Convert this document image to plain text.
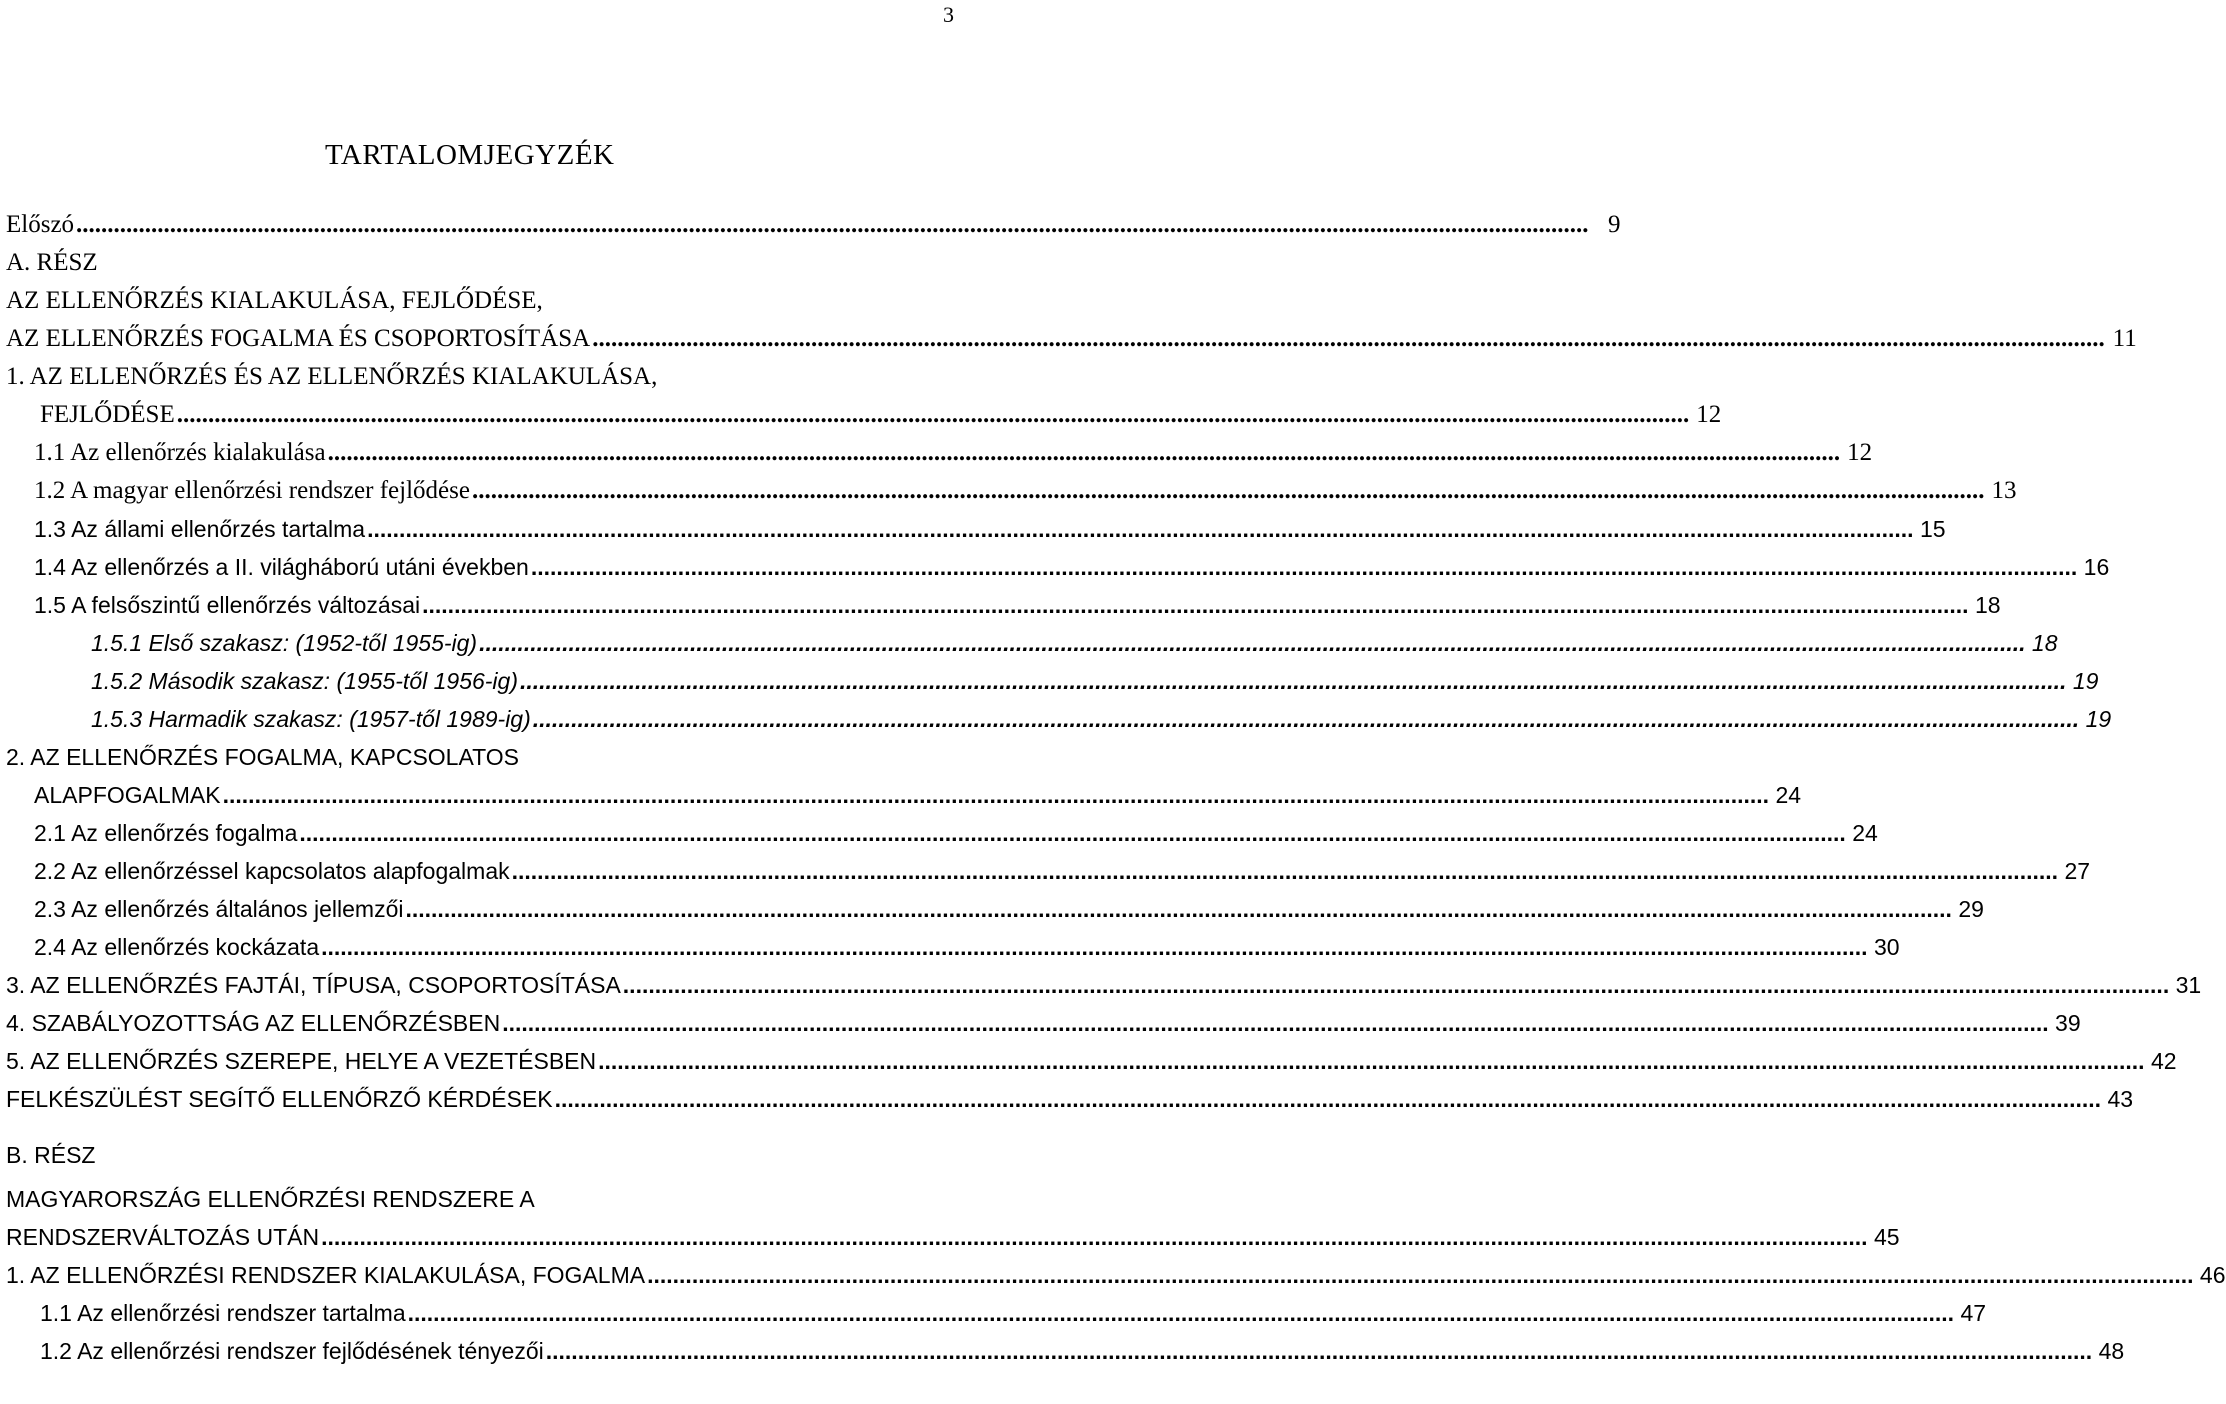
3
TARTALOMJEGYZÉK
Előszó .................................................................................................................................................................................................................................................. 9
A. RÉSZ
AZ ELLENŐRZÉS KIALAKULÁSA, FEJLŐDÉSE,
AZ ELLENŐRZÉS FOGALMA ÉS CSOPORTOSÍTÁSA .................................................................................................................................................................................................................................................. 11
1. AZ ELLENŐRZÉS ÉS AZ ELLENŐRZÉS KIALAKULÁSA,
FEJLŐDÉSE .................................................................................................................................................................................................................................................. 12
1.1 Az ellenőrzés kialakulása .................................................................................................................................................................................................................................................. 12
1.2 A magyar ellenőrzési rendszer fejlődése .................................................................................................................................................................................................................................................. 13
1.3 Az állami ellenőrzés tartalma .................................................................................................................................................................................................................................................. 15
1.4 Az ellenőrzés a II. világháború utáni években .................................................................................................................................................................................................................................................. 16
1.5 A felsőszintű ellenőrzés változásai .................................................................................................................................................................................................................................................. 18
1.5.1 Első szakasz: (1952-től 1955-ig) .................................................................................................................................................................................................................................................. 18
1.5.2 Második szakasz: (1955-től 1956-ig) .................................................................................................................................................................................................................................................. 19
1.5.3 Harmadik szakasz: (1957-től 1989-ig) .................................................................................................................................................................................................................................................. 19
2. AZ ELLENŐRZÉS FOGALMA, KAPCSOLATOS
ALAPFOGALMAK .................................................................................................................................................................................................................................................. 24
2.1 Az ellenőrzés fogalma .................................................................................................................................................................................................................................................. 24
2.2 Az ellenőrzéssel kapcsolatos alapfogalmak .................................................................................................................................................................................................................................................. 27
2.3 Az ellenőrzés általános jellemzői .................................................................................................................................................................................................................................................. 29
2.4 Az ellenőrzés kockázata .................................................................................................................................................................................................................................................. 30
3. AZ ELLENŐRZÉS FAJTÁI, TÍPUSA, CSOPORTOSÍTÁSA .................................................................................................................................................................................................................................................. 31
4. SZABÁLYOZOTTSÁG AZ ELLENŐRZÉSBEN .................................................................................................................................................................................................................................................. 39
5. AZ ELLENŐRZÉS SZEREPE, HELYE A VEZETÉSBEN .................................................................................................................................................................................................................................................. 42
FELKÉSZÜLÉST SEGÍTŐ ELLENŐRZŐ KÉRDÉSEK .................................................................................................................................................................................................................................................. 43
B. RÉSZ
MAGYARORSZÁG ELLENŐRZÉSI RENDSZERE A
RENDSZERVÁLTOZÁS UTÁN .................................................................................................................................................................................................................................................. 45
1. AZ ELLENŐRZÉSI RENDSZER KIALAKULÁSA, FOGALMA .................................................................................................................................................................................................................................................. 46
1.1 Az ellenőrzési rendszer tartalma .................................................................................................................................................................................................................................................. 47
1.2 Az ellenőrzési rendszer fejlődésének tényezői .................................................................................................................................................................................................................................................. 48
